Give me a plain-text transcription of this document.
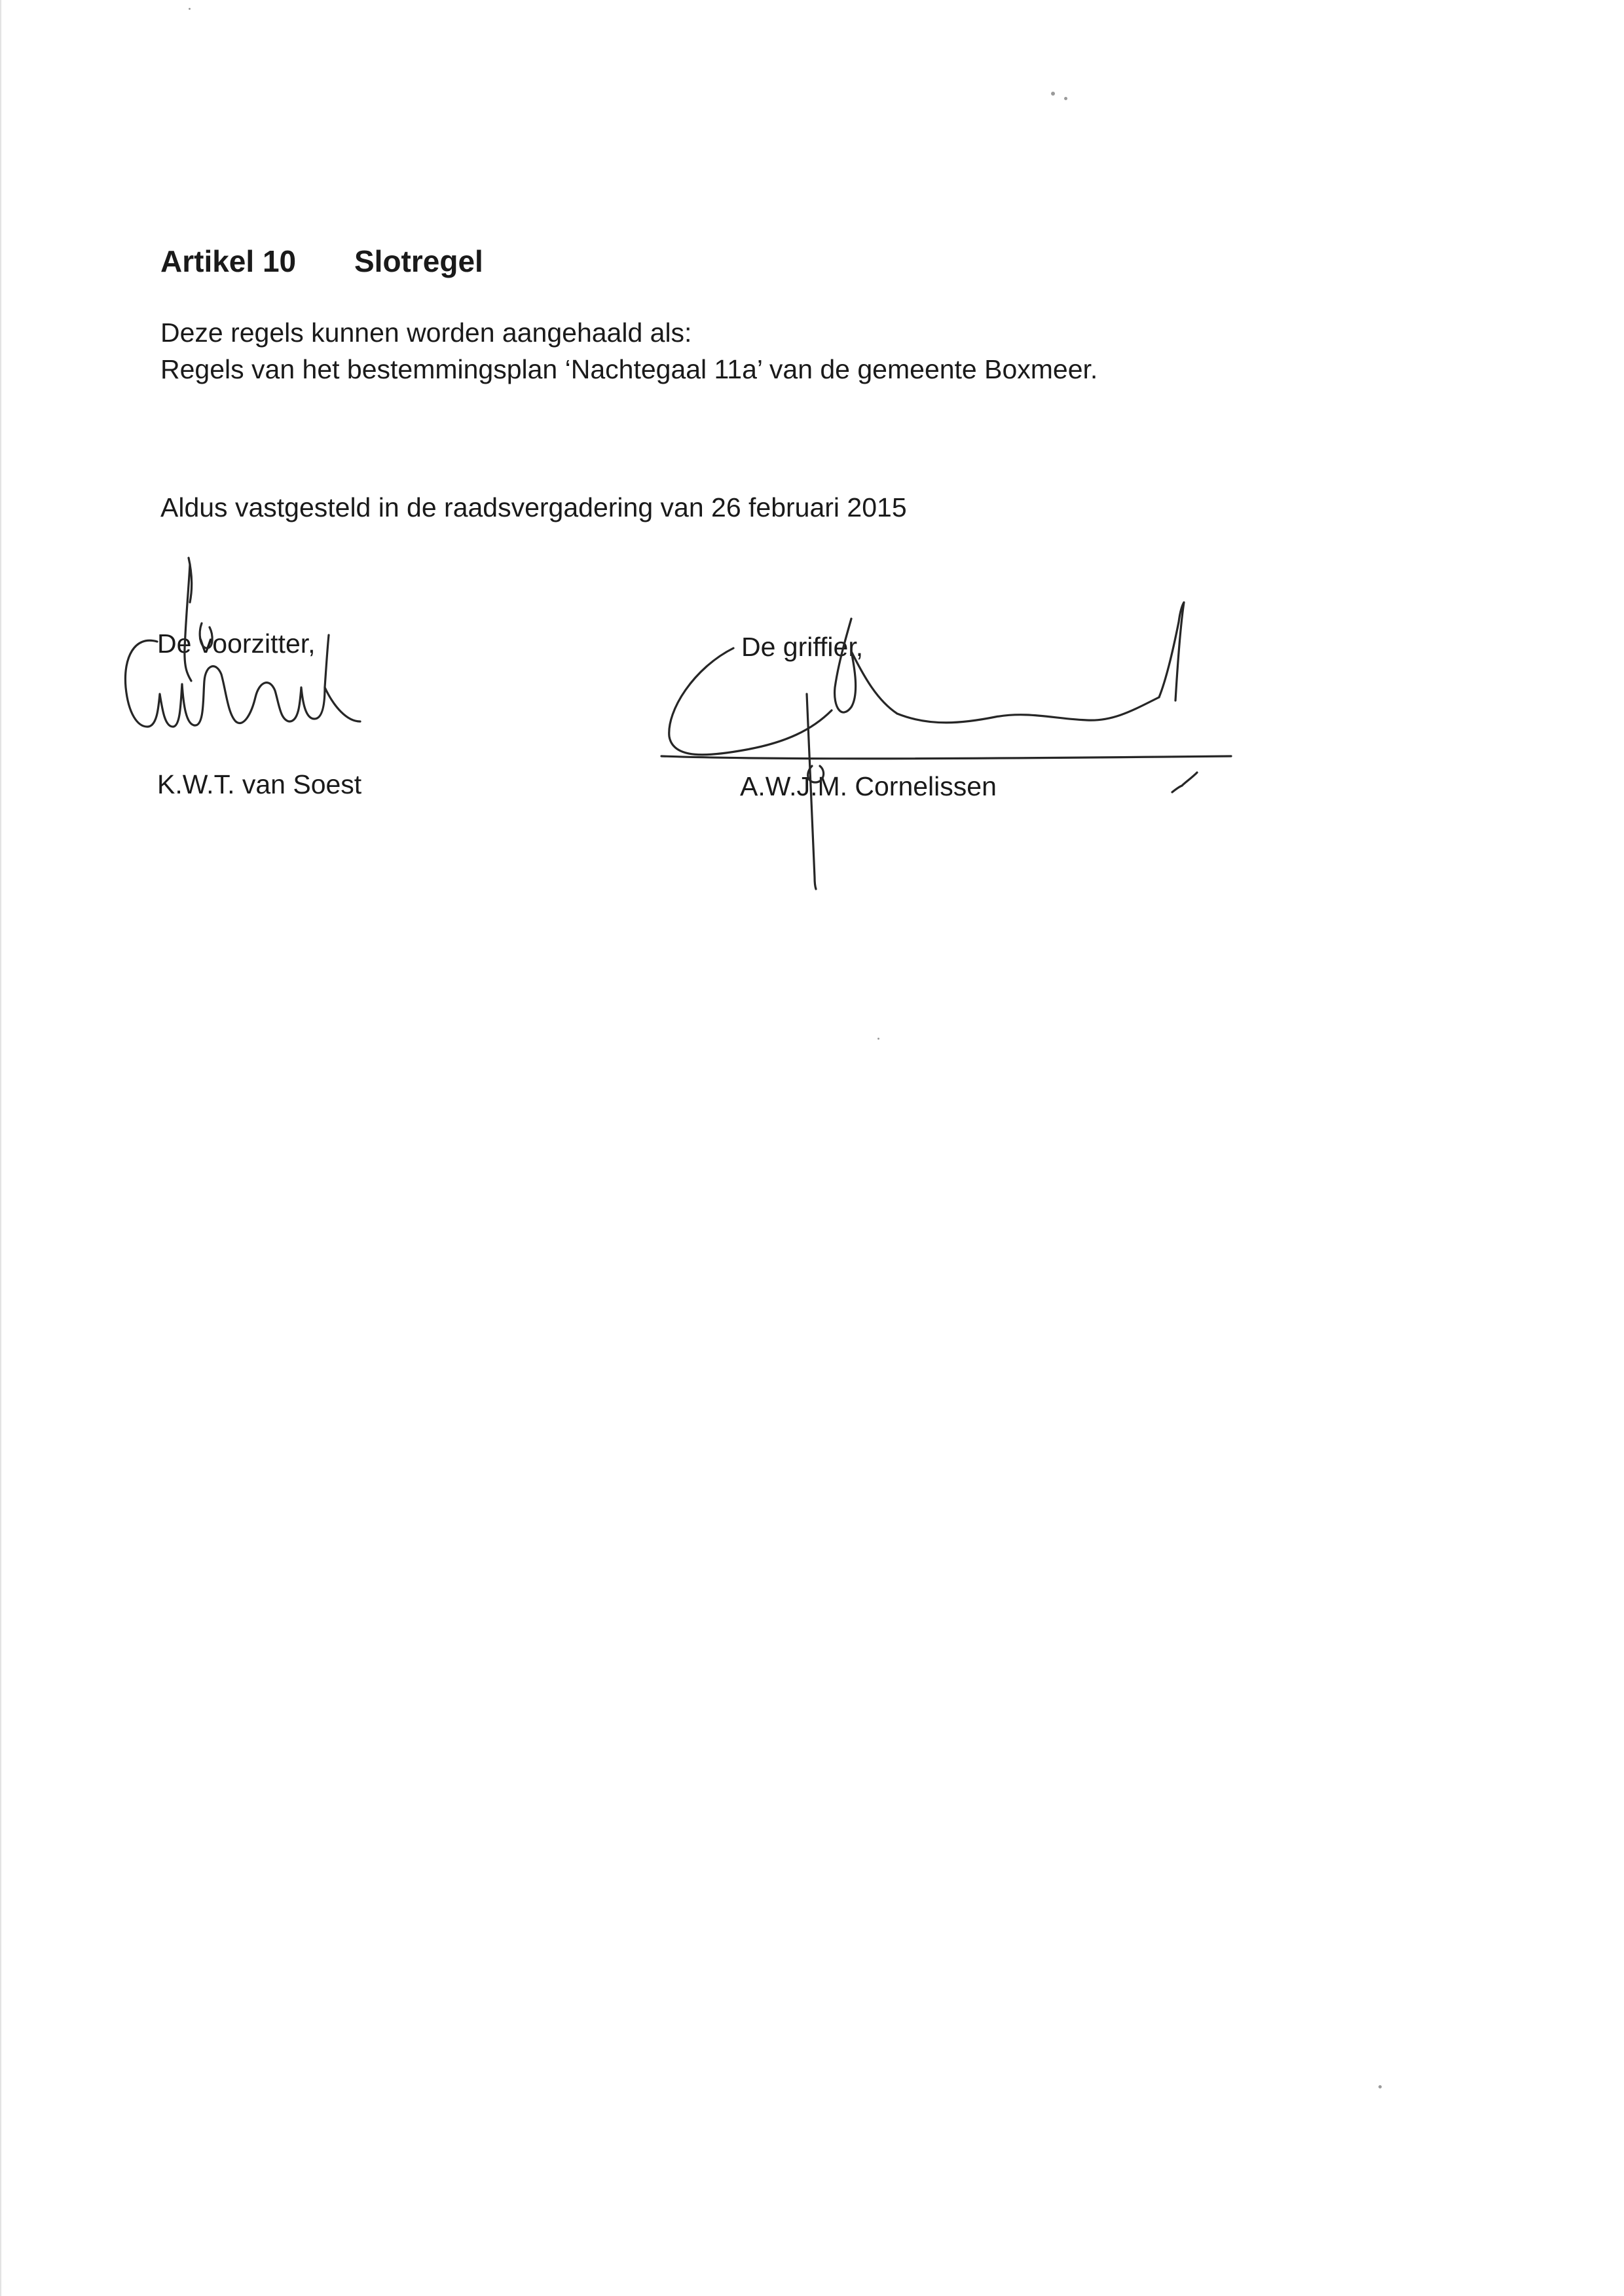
Artikel 10 Slotregel
Deze regels kunnen worden aangehaald als:
Regels van het bestemmingsplan ‘Nachtegaal 11a’ van de gemeente Boxmeer.
Aldus vastgesteld in de raadsvergadering van 26 februari 2015
De voorzitter,
K.W.T. van Soest
De griffier,
A.W.J.M. Cornelissen
